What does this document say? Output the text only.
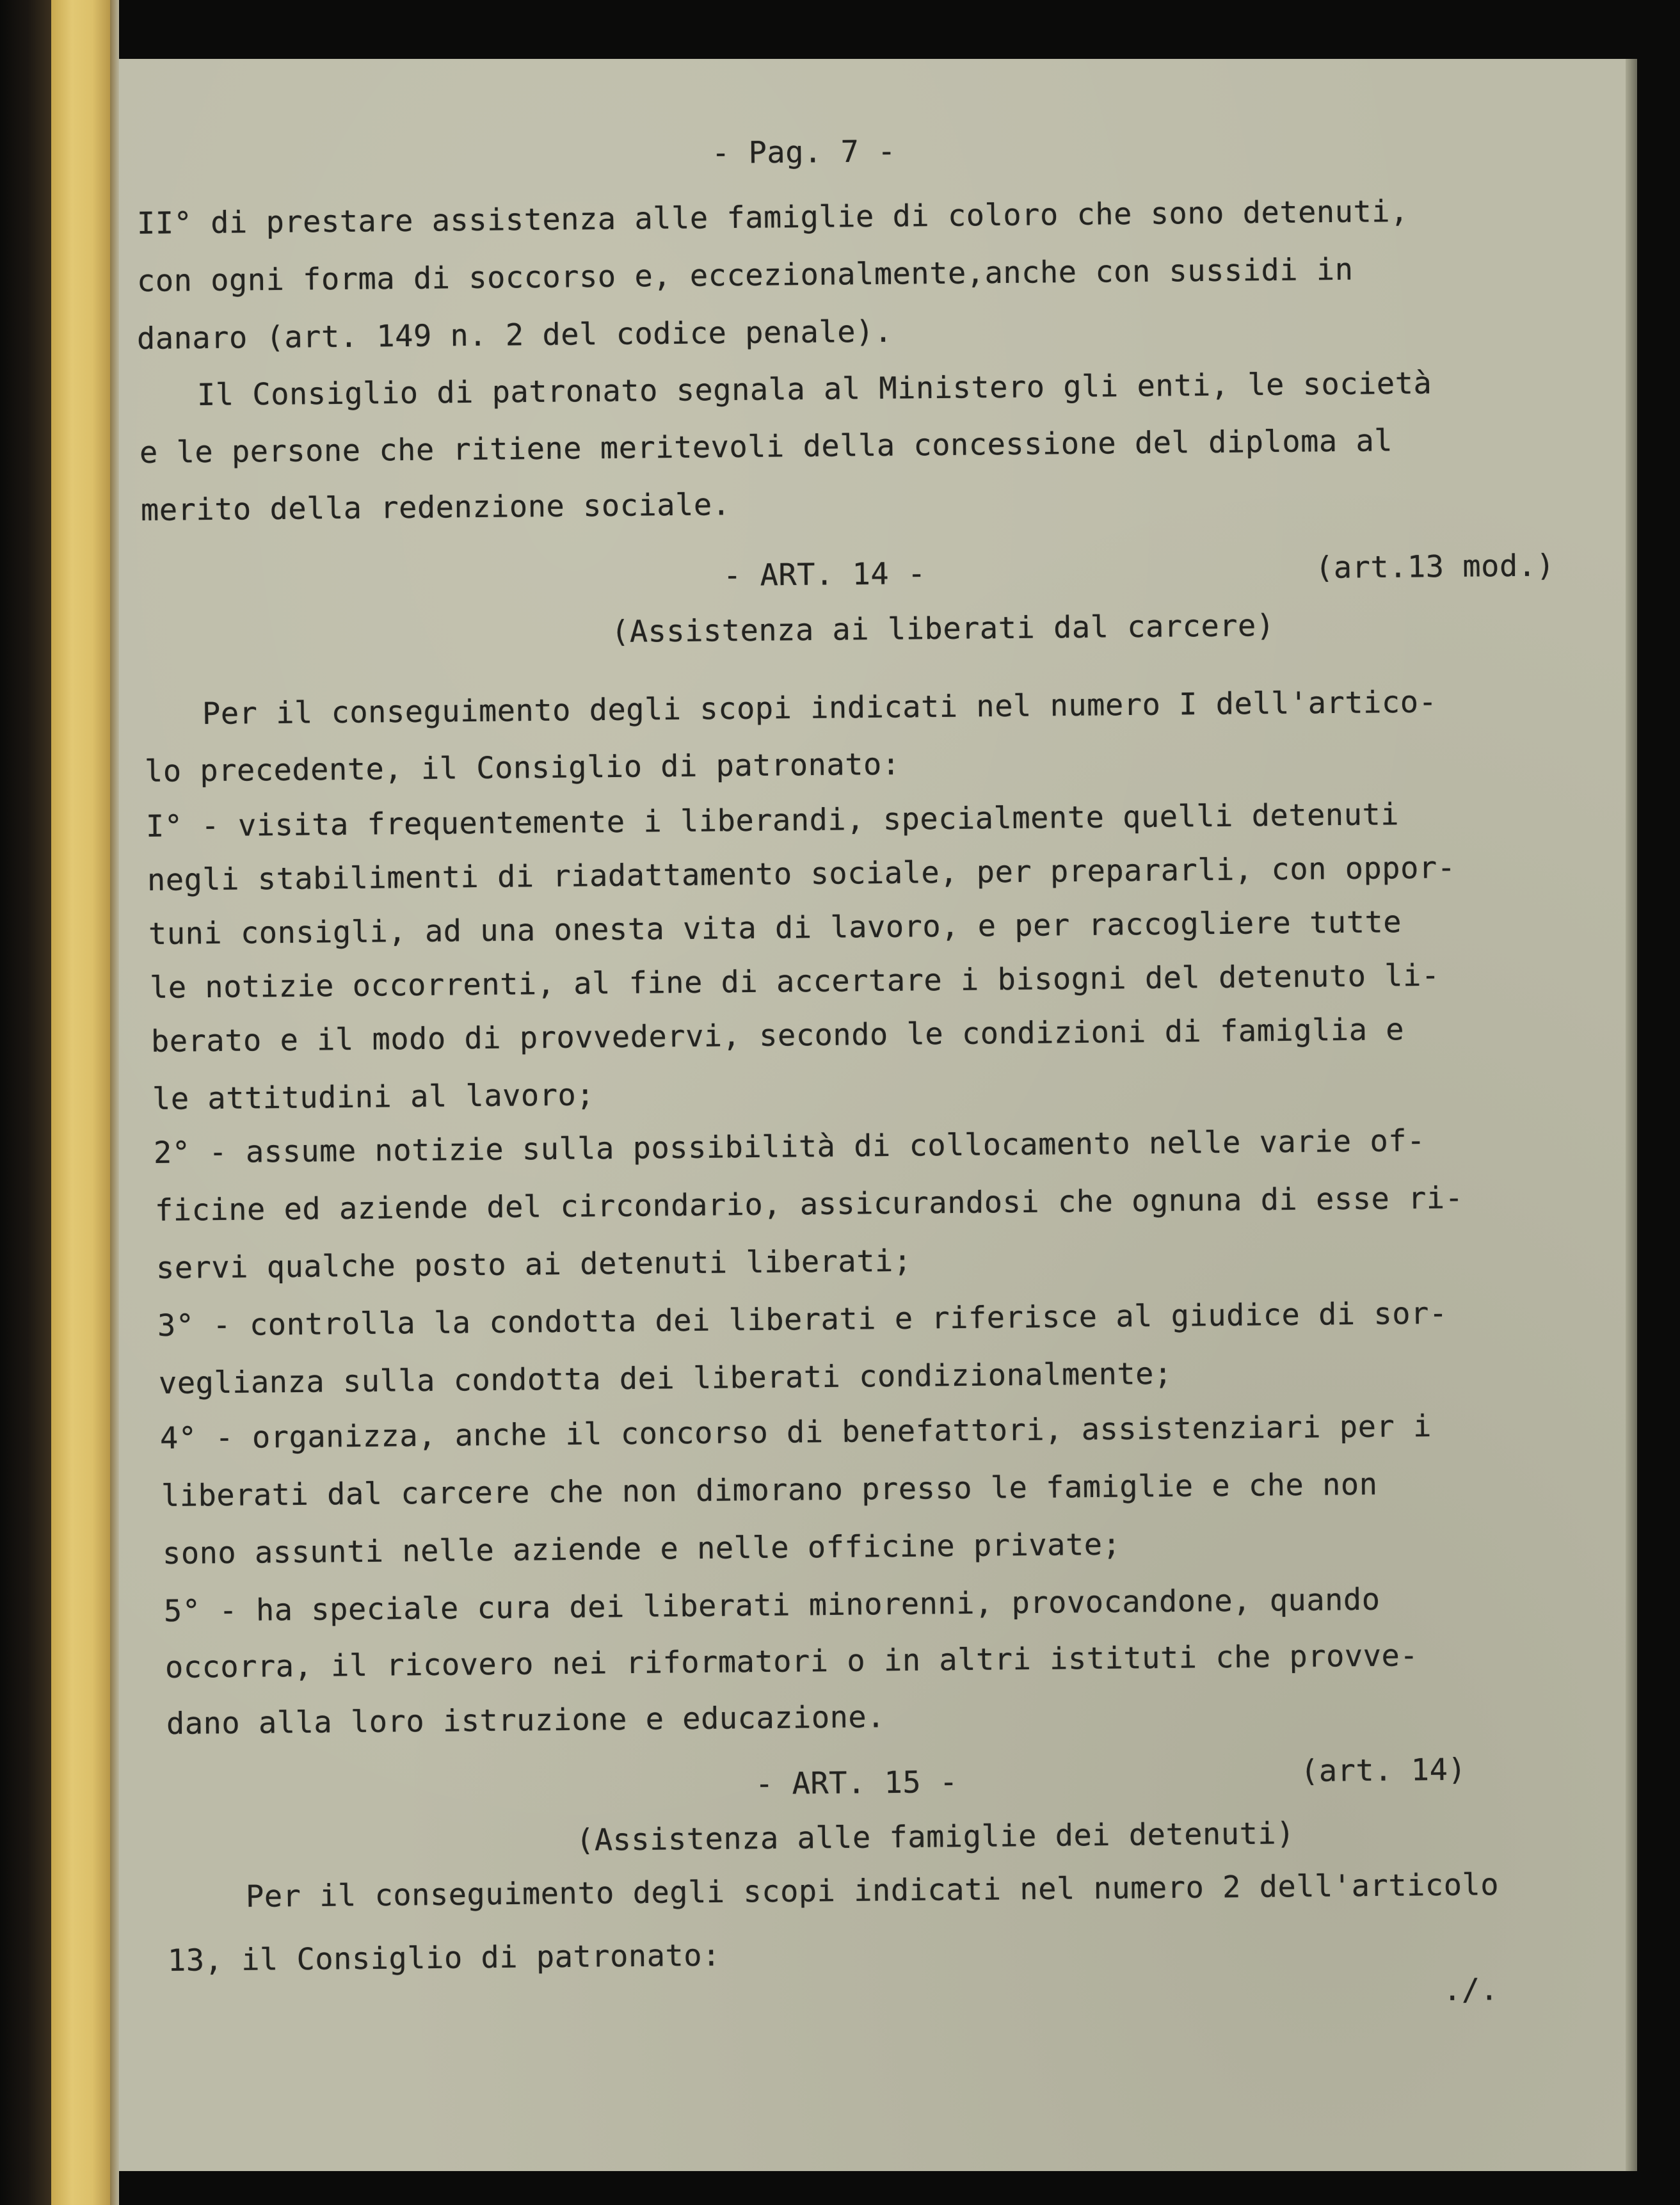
- Pag. 7 -
II° di prestare assistenza alle famiglie di coloro che sono detenuti,
con ogni forma di soccorso e, eccezionalmente,anche con sussidi in
danaro (art. 149 n. 2 del codice penale).
Il Consiglio di patronato segnala al Ministero gli enti, le società
e le persone che ritiene meritevoli della concessione del diploma al
merito della redenzione sociale.
- ART. 14 -	(art.13 mod.)
(Assistenza ai liberati dal carcere)
Per il conseguimento degli scopi indicati nel numero I dell'artico-
lo precedente, il Consiglio di patronato:
I° - visita frequentemente i liberandi, specialmente quelli detenuti
negli stabilimenti di riadattamento sociale, per prepararli, con oppor-
tuni consigli, ad una onesta vita di lavoro, e per raccogliere tutte
le notizie occorrenti, al fine di accertare i bisogni del detenuto li-
berato e il modo di provvedervi, secondo le condizioni di famiglia e
le attitudini al lavoro;
2° - assume notizie sulla possibilità di collocamento nelle varie of-
ficine ed aziende del circondario, assicurandosi che ognuna di esse ri-
servi qualche posto ai detenuti liberati;
3° - controlla la condotta dei liberati e riferisce al giudice di sor-
veglianza sulla condotta dei liberati condizionalmente;
4° - organizza, anche il concorso di benefattori, assistenziari per i
liberati dal carcere che non dimorano presso le famiglie e che non
sono assunti nelle aziende e nelle officine private;
5° - ha speciale cura dei liberati minorenni, provocandone, quando
occorra, il ricovero nei riformatori o in altri istituti che provve-
dano alla loro istruzione e educazione.
- ART. 15 -	(art. 14)
(Assistenza alle famiglie dei detenuti)
Per il conseguimento degli scopi indicati nel numero 2 dell'articolo
13, il Consiglio di patronato:
./.
